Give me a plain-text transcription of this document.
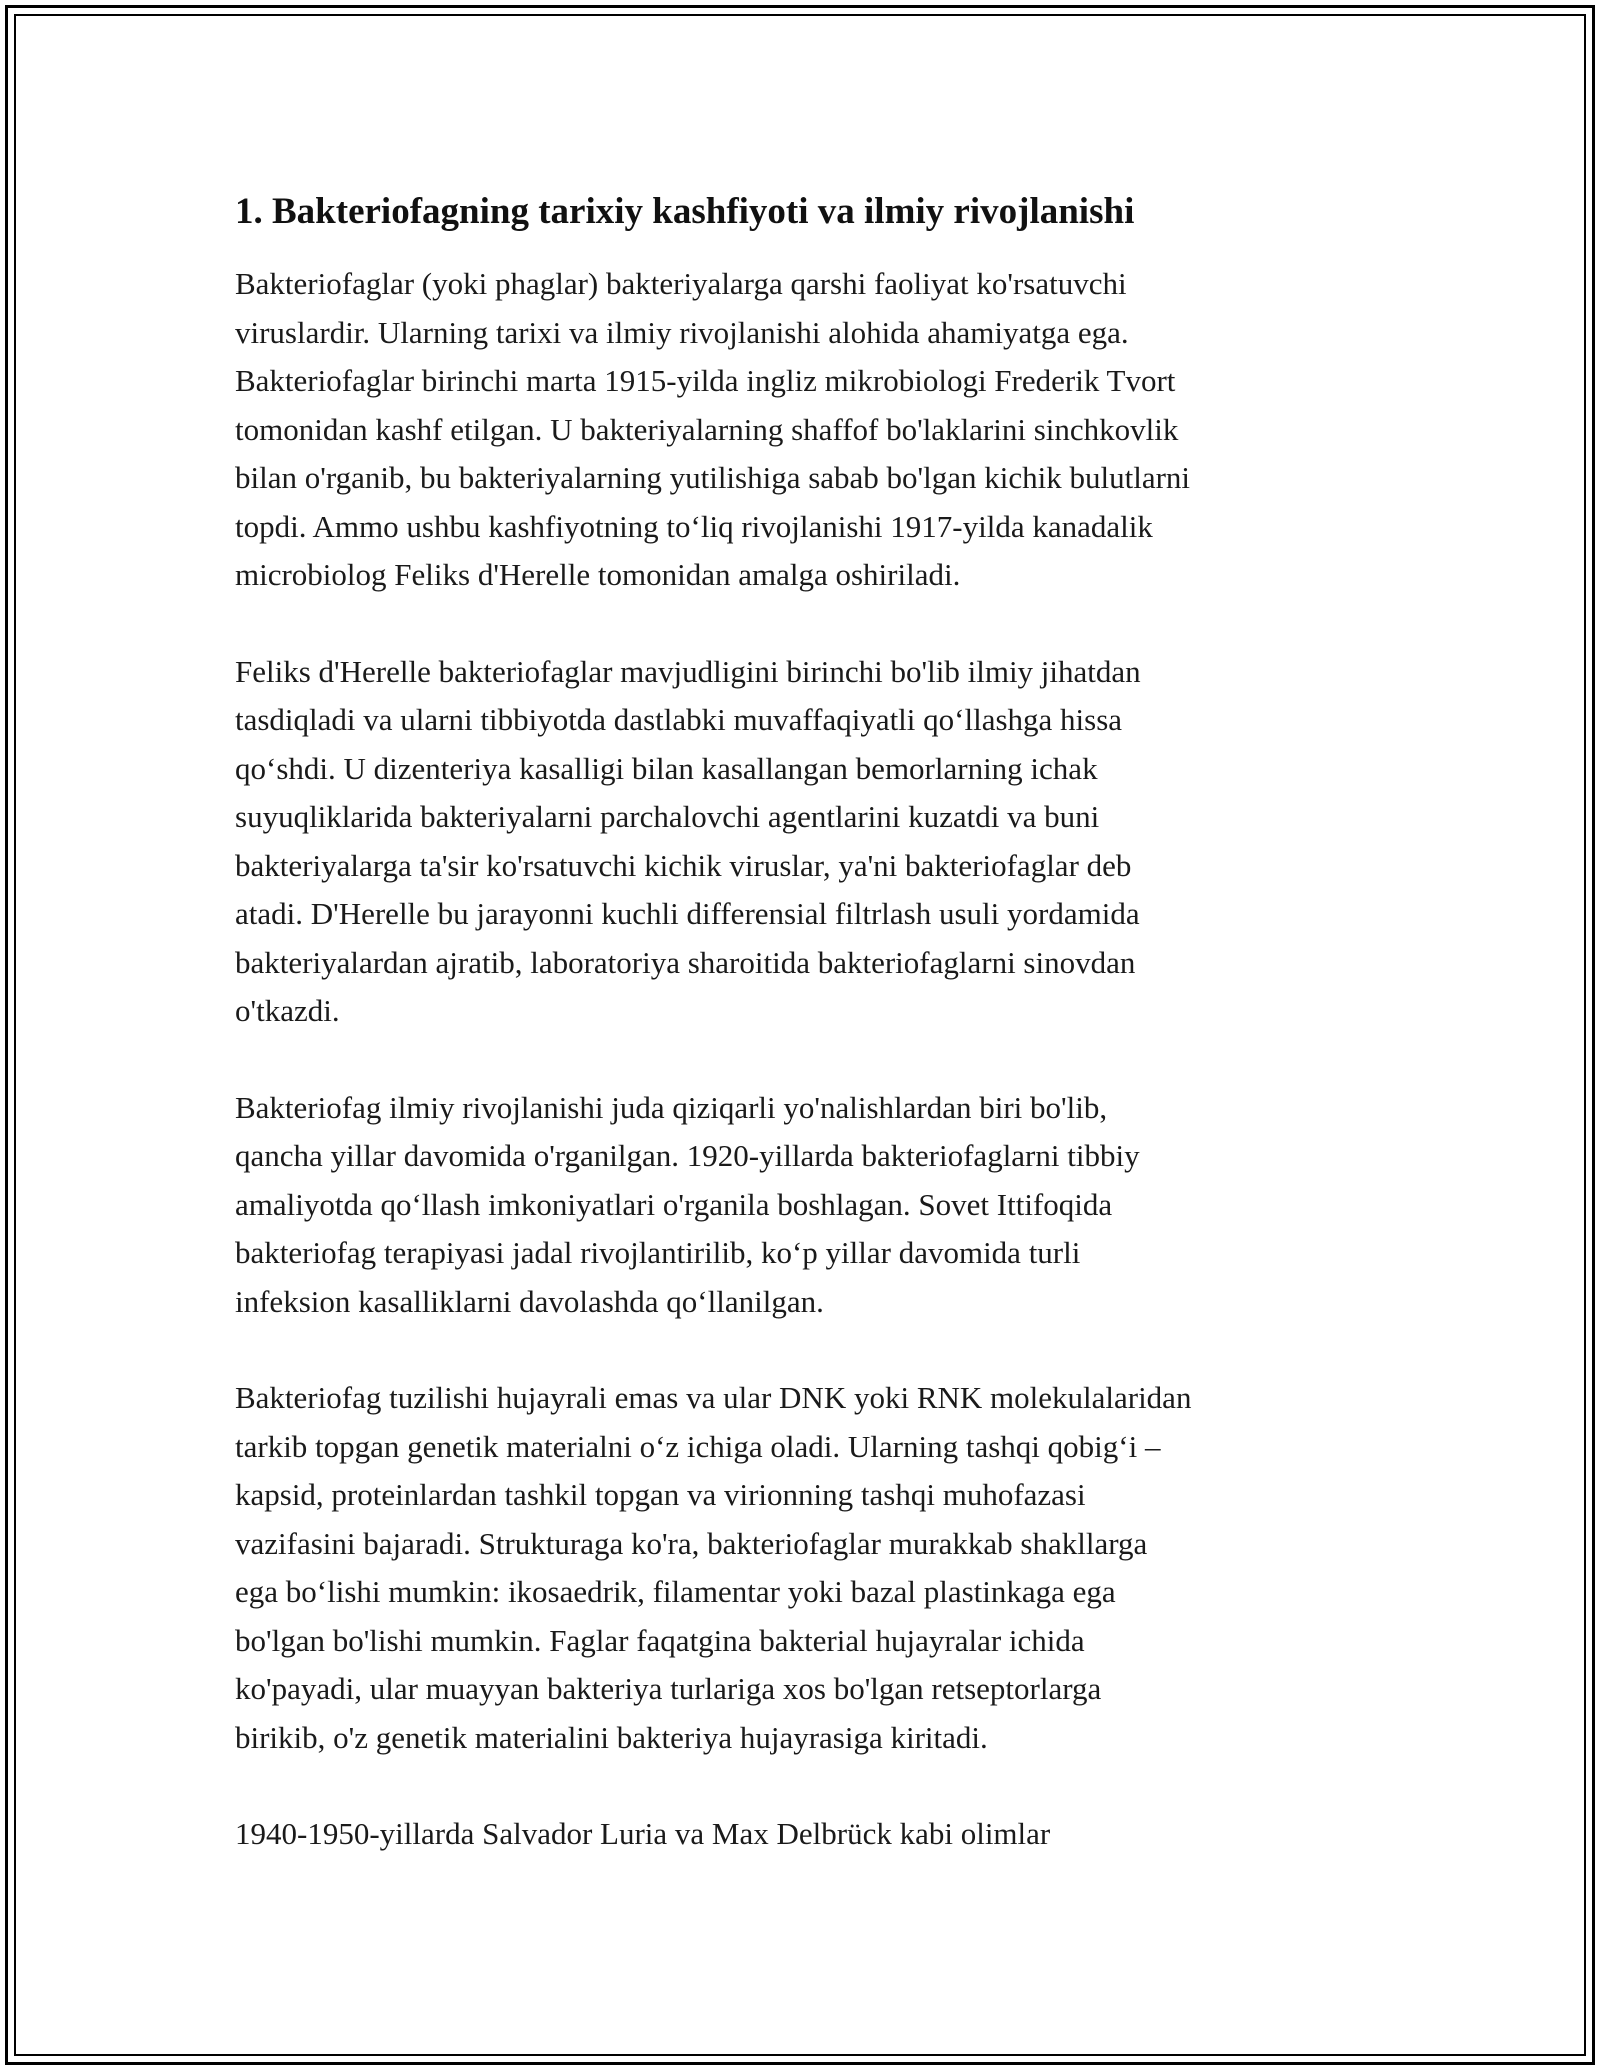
1. Bakteriofagning tarixiy kashfiyoti va ilmiy rivojlanishi

Bakteriofaglar (yoki phaglar) bakteriyalarga qarshi faoliyat ko'rsatuvchi
viruslardir. Ularning tarixi va ilmiy rivojlanishi alohida ahamiyatga ega.
Bakteriofaglar birinchi marta 1915-yilda ingliz mikrobiologi Frederik Tvort
tomonidan kashf etilgan. U bakteriyalarning shaffof bo'laklarini sinchkovlik
bilan o'rganib, bu bakteriyalarning yutilishiga sabab bo'lgan kichik bulutlarni
topdi. Ammo ushbu kashfiyotning to‘liq rivojlanishi 1917-yilda kanadalik
microbiolog Feliks d'Herelle tomonidan amalga oshiriladi.

Feliks d'Herelle bakteriofaglar mavjudligini birinchi bo'lib ilmiy jihatdan
tasdiqladi va ularni tibbiyotda dastlabki muvaffaqiyatli qo‘llashga hissa
qo‘shdi. U dizenteriya kasalligi bilan kasallangan bemorlarning ichak
suyuqliklarida bakteriyalarni parchalovchi agentlarini kuzatdi va buni
bakteriyalarga ta'sir ko'rsatuvchi kichik viruslar, ya'ni bakteriofaglar deb
atadi. D'Herelle bu jarayonni kuchli differensial filtrlash usuli yordamida
bakteriyalardan ajratib, laboratoriya sharoitida bakteriofaglarni sinovdan
o'tkazdi.

Bakteriofag ilmiy rivojlanishi juda qiziqarli yo'nalishlardan biri bo'lib,
qancha yillar davomida o'rganilgan. 1920-yillarda bakteriofaglarni tibbiy
amaliyotda qo‘llash imkoniyatlari o'rganila boshlagan. Sovet Ittifoqida
bakteriofag terapiyasi jadal rivojlantirilib, ko‘p yillar davomida turli
infeksion kasalliklarni davolashda qo‘llanilgan.

Bakteriofag tuzilishi hujayrali emas va ular DNK yoki RNK molekulalaridan
tarkib topgan genetik materialni o‘z ichiga oladi. Ularning tashqi qobig‘i –
kapsid, proteinlardan tashkil topgan va virionning tashqi muhofazasi
vazifasini bajaradi. Strukturaga ko'ra, bakteriofaglar murakkab shakllarga
ega bo‘lishi mumkin: ikosaedrik, filamentar yoki bazal plastinkaga ega
bo'lgan bo'lishi mumkin. Faglar faqatgina bakterial hujayralar ichida
ko'payadi, ular muayyan bakteriya turlariga xos bo'lgan retseptorlarga
birikib, o'z genetik materialini bakteriya hujayrasiga kiritadi.

1940-1950-yillarda Salvador Luria va Max Delbrück kabi olimlar
